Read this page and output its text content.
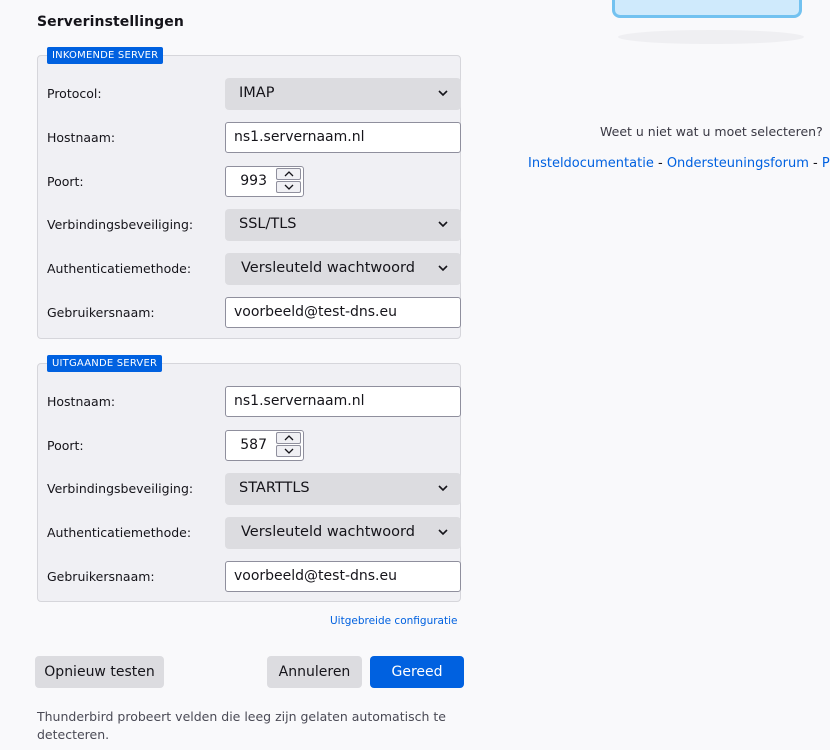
Weet u niet wat u moet selecteren?
Insteldocumentatie - Ondersteuningsforum - P
Serverinstellingen
INKOMENDE SERVER
Protocol:	IMAP
Hostnaam:	ns1.servernaam.nl
Poort:	993
Verbindingsbeveiliging:	SSL/TLS
Authenticatiemethode:	Versleuteld wachtwoord
Gebruikersnaam:	voorbeeld@test-dns.eu
UITGAANDE SERVER
Hostnaam:	ns1.servernaam.nl
Poort:	587
Verbindingsbeveiliging:	STARTTLS
Authenticatiemethode:	Versleuteld wachtwoord
Gebruikersnaam:	voorbeeld@test-dns.eu
Uitgebreide configuratie
Opnieuw testen	Annuleren	Gereed
Thunderbird probeert velden die leeg zijn gelaten automatisch te detecteren.
